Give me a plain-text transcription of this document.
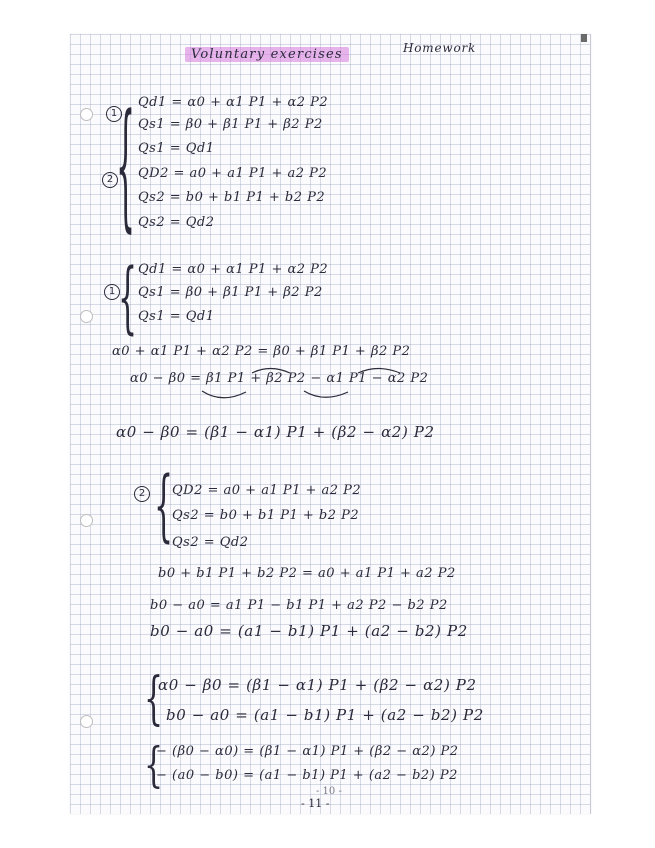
Voluntary exercises	Homework
1
2 { Qd1 = α0 + α1 P1 + α2 P2
Qs1 = β0 + β1 P1 + β2 P2
Qs1 = Qd1
QD2 = a0 + a1 P1 + a2 P2
Qs2 = b0 + b1 P1 + b2 P2
Qs2 = Qd2
1 { Qd1 = α0 + α1 P1 + α2 P2
Qs1 = β0 + β1 P1 + β2 P2
Qs1 = Qd1
α0 + α1 P1 + α2 P2 = β0 + β1 P1 + β2 P2
α0 − β0 = β1 P1 + β2 P2 − α1 P1 − α2 P2
α0 − β0 = (β1 − α1) P1 + (β2 − α2) P2
2 {
QD2 = a0 + a1 P1 + a2 P2
Qs2 = b0 + b1 P1 + b2 P2
Qs2 = Qd2
b0 + b1 P1 + b2 P2 = a0 + a1 P1 + a2 P2
b0 − a0 = a1 P1 − b1 P1 + a2 P2 − b2 P2
b0 − a0 = (a1 − b1) P1 + (a2 − b2) P2
{
α0 − β0 = (β1 − α1) P1 + (β2 − α2) P2
b0 − a0 = (a1 − b1) P1 + (a2 − b2) P2
{
− (β0 − α0) = (β1 − α1) P1 + (β2 − α2) P2
− (a0 − b0) = (a1 − b1) P1 + (a2 − b2) P2
- 10 -
- 11 -
